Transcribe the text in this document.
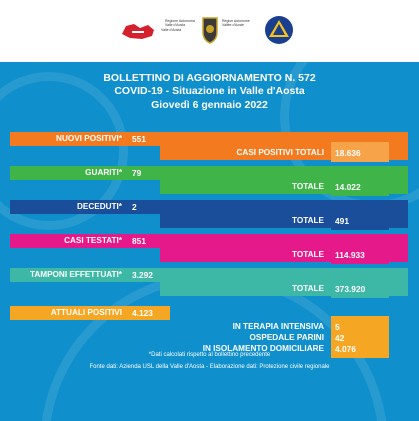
Valle d'Aosta
Regione Autonoma
Valle d'Aosta
Région Autonome
Vallée d'Aoste
BOLLETTINO DI AGGIORNAMENTO N. 572
COVID-19 - Situazione in Valle d'Aosta
Giovedì 6 gennaio 2022
NUOVI POSITIVI*	551
CASI POSITIVI TOTALI	18.636
GUARITI*	79
TOTALE	14.022
DECEDUTI*	2
TOTALE	491
CASI TESTATI*	851
TOTALE	114.933
TAMPONI EFFETTUATI*	3.292
TOTALE	373.920
ATTUALI POSITIVI	4.123
IN TERAPIA INTENSIVA	5
OSPEDALE PARINI	42
IN ISOLAMENTO DOMICILIARE	4.076
*Dati calcolati rispetto al bollettino precedente
Fonte dati: Azienda USL della Valle d'Aosta - Elaborazione dati: Protezione civile regionale
